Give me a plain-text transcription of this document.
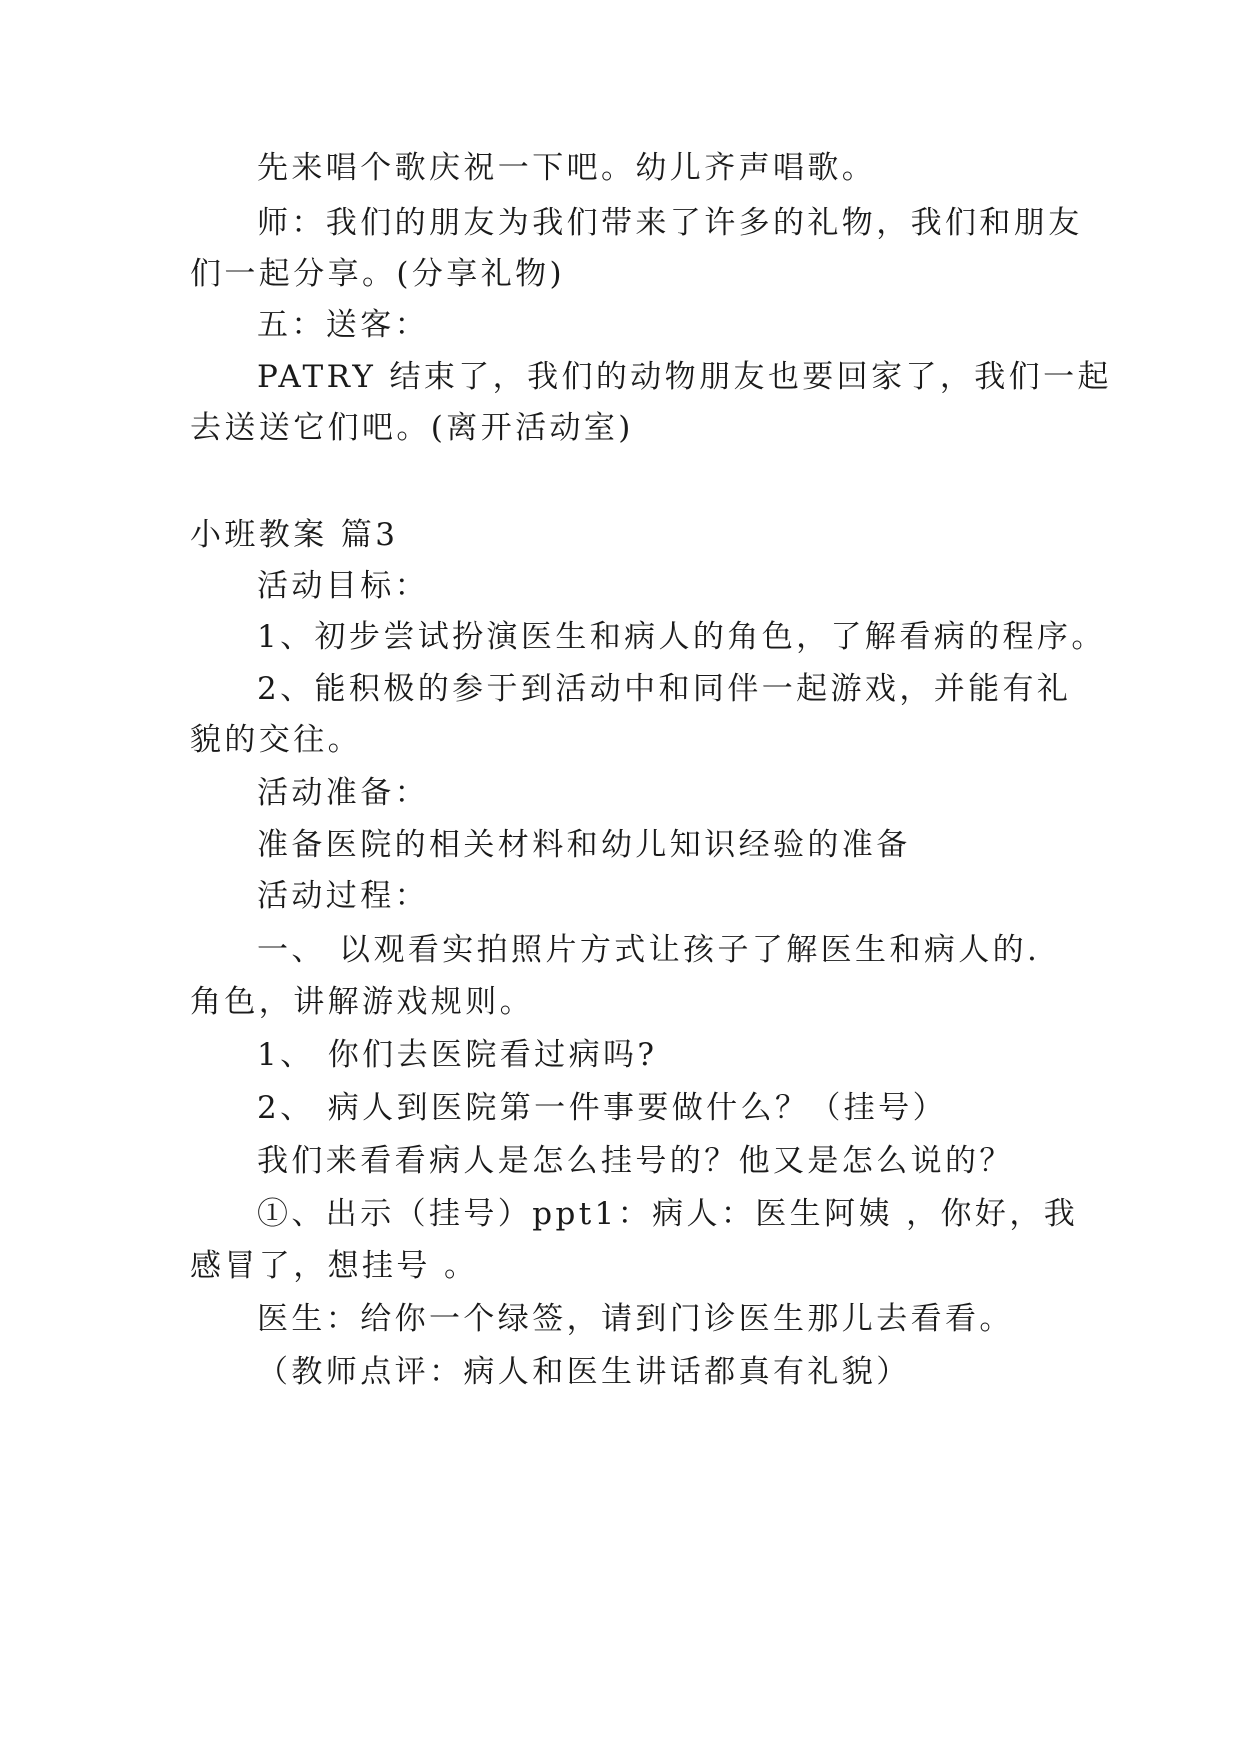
先来唱个歌庆祝一下吧。幼儿齐声唱歌。
师：我们的朋友为我们带来了许多的礼物，我们和朋友
们一起分享。(分享礼物)
五：送客：
PATRY 结束了，我们的动物朋友也要回家了，我们一起
去送送它们吧。(离开活动室)
小班教案 篇3
活动目标：
1、初步尝试扮演医生和病人的角色，了解看病的程序。
2、能积极的参于到活动中和同伴一起游戏，并能有礼
貌的交往。
活动准备：
准备医院的相关材料和幼儿知识经验的准备
活动过程：
一、 以观看实拍照片方式让孩子了解医生和病人的.
角色，讲解游戏规则。
1、 你们去医院看过病吗?
2、 病人到医院第一件事要做什么？（挂号）
我们来看看病人是怎么挂号的？他又是怎么说的？
①、出示（挂号）ppt1：病人：医生阿姨 ，你好，我
感冒了，想挂号 。
医生：给你一个绿签，请到门诊医生那儿去看看。
（教师点评：病人和医生讲话都真有礼貌）
